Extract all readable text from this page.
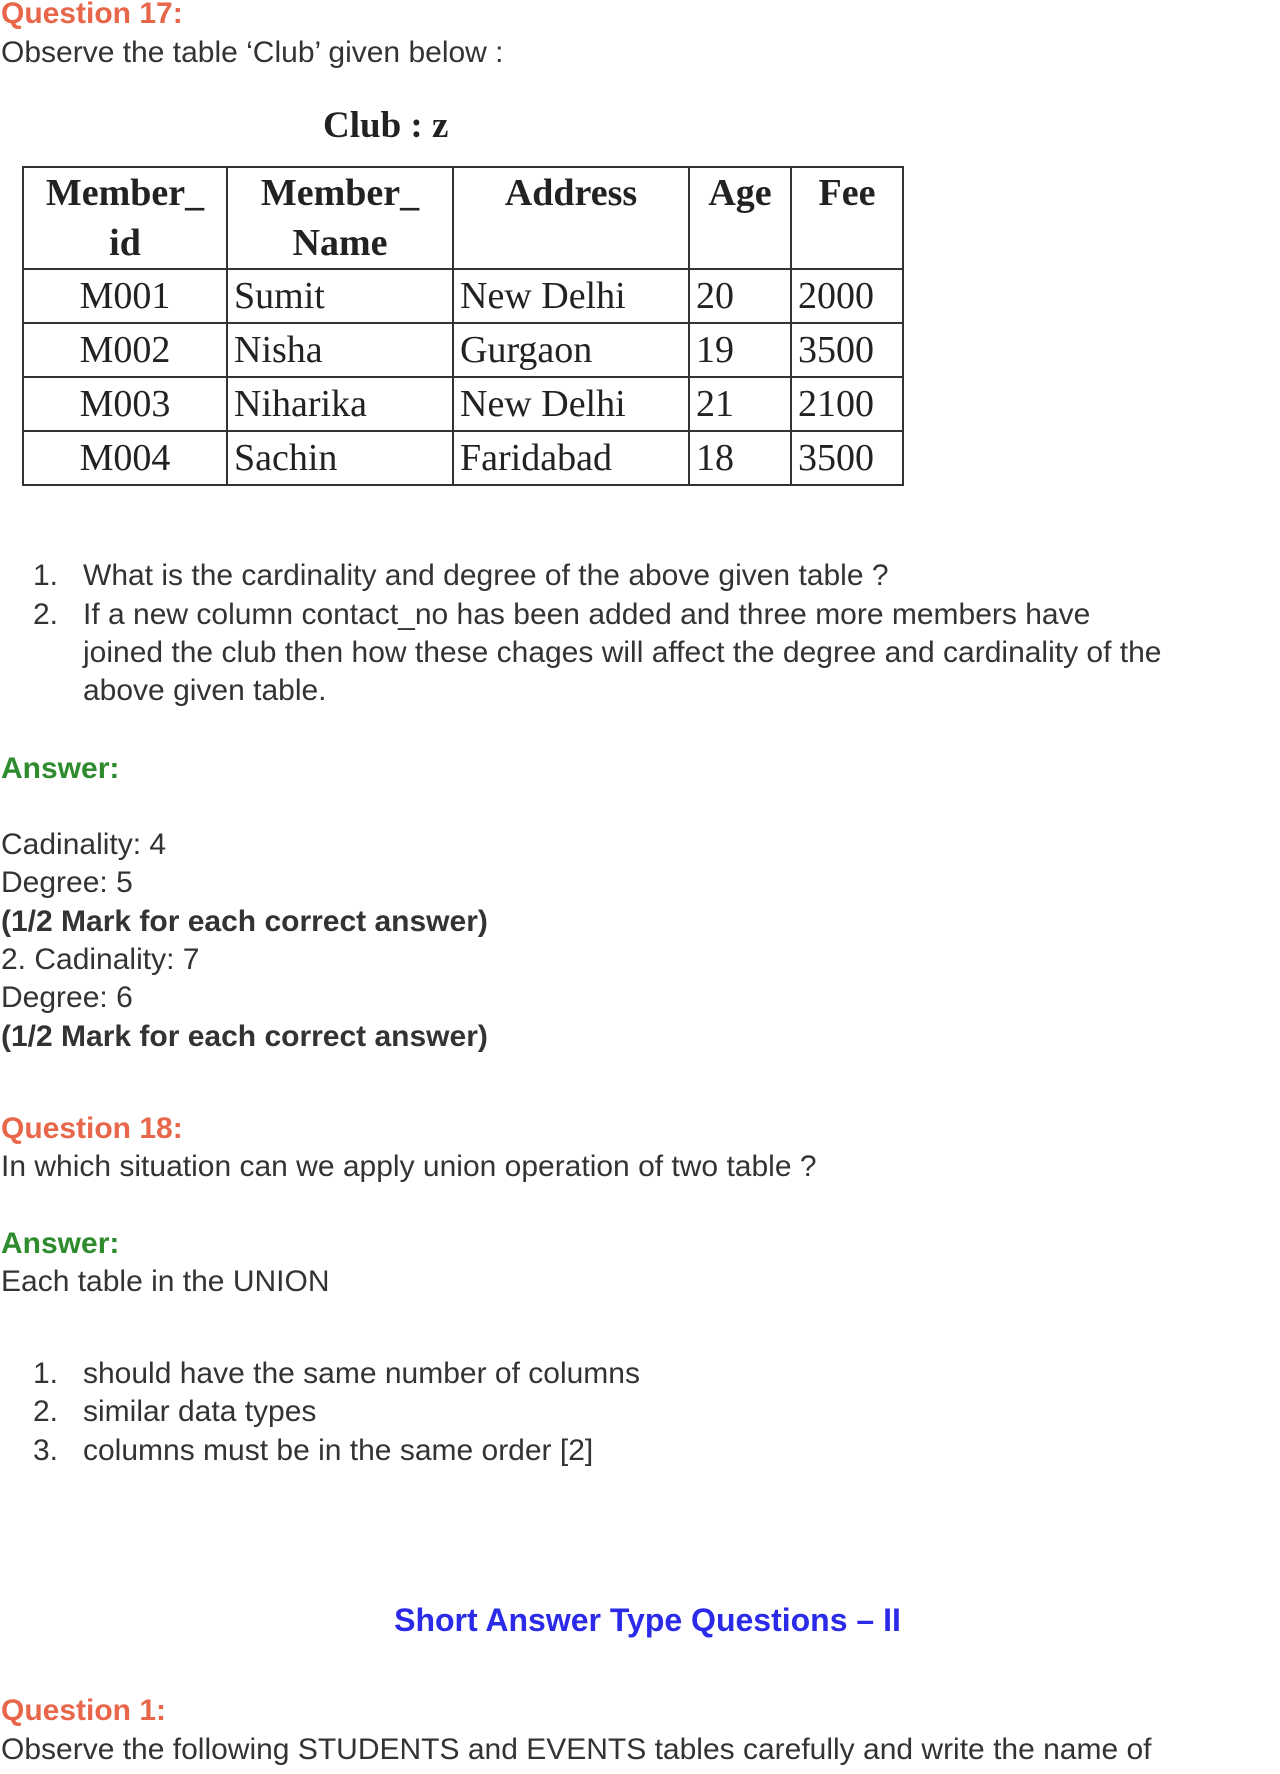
Question 17:
Observe the table ‘Club’ given below :
Club : z
Member_ id	Member_ Name	Address	Age	Fee
M001	Sumit	New Delhi	20	2000
M002	Nisha	Gurgaon	19	3500
M003	Niharika	New Delhi	21	2100
M004	Sachin	Faridabad	18	3500
1. What is the cardinality and degree of the above given table ?
2. If a new column contact_no has been added and three more members have
joined the club then how these chages will affect the degree and cardinality of the
above given table.
Answer:
Cadinality: 4
Degree: 5
(1/2 Mark for each correct answer)
2. Cadinality: 7
Degree: 6
(1/2 Mark for each correct answer)
Question 18:
In which situation can we apply union operation of two table ?
Answer:
Each table in the UNION
1. should have the same number of columns
2. similar data types
3. columns must be in the same order [2]
Short Answer Type Questions – II
Question 1:
Observe the following STUDENTS and EVENTS tables carefully and write the name of
